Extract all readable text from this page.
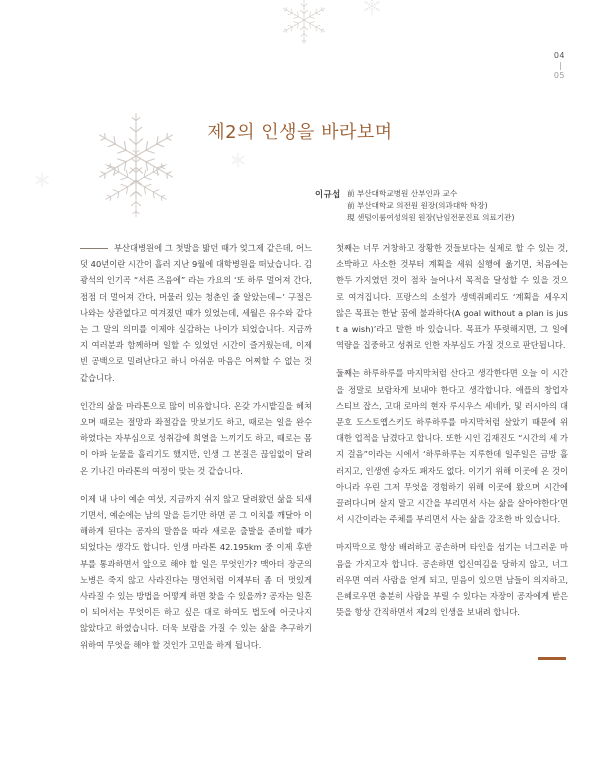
04
05
제2의 인생을 바라보며
이규섭 前 부산대학교병원 산부인과 교수
前 부산대학교 의전원 원장(의과대학 학장)
現 센텀이룸여성의원 원장(난임전문진료 의료기관)

부산대병원에 그 첫발을 밟던 때가 엊그제 같은데, 어느덧 40년이란 시간이 흘러 지난 9월에 대학병원을 떠났습니다. 김광석의 인기곡 “서른 즈음에” 라는 가요의 ‘또 하루 멀어져 간다, 점점 더 멀어져 간다, 머물러 있는 청춘인 줄 알았는데~’ 구절은 나와는 상관없다고 여겨졌던 때가 있었는데, 세월은 유수와 같다는 그 말의 의미를 이제야 실감하는 나이가 되었습니다. 지금까지 여러분과 함께하며 일할 수 있었던 시간이 즐거웠는데, 이제 빈 공백으로 밀려난다고 하니 아쉬운 마음은 어찌할 수 없는 것 같습니다.

인간의 삶을 마라톤으로 많이 비유합니다. 온갖 가시밭길을 헤쳐오며 때로는 절망과 좌절감을 맛보기도 하고, 때로는 일을 완수하였다는 자부심으로 성취감에 희열을 느끼기도 하고, 때로는 몸이 아파 눈물을 흘리기도 했지만, 인생 그 본질은 끊임없이 달려온 기나긴 마라톤의 여정이 맞는 것 같습니다.

이제 내 나이 예순 여섯, 지금까지 쉬지 않고 달려왔던 삶을 되새기면서, 예순에는 남의 말을 듣기만 하면 곧 그 이치를 깨달아 이해하게 된다는 공자의 말씀을 따라 새로운 출발을 준비할 때가 되었다는 생각도 합니다. 인생 마라톤 42.195km 중 이제 후반부를 통과하면서 앞으로 해야 할 일은 무엇인가? 맥아더 장군의 노병은 죽지 않고 사라진다는 명언처럼 이제부터 좀 더 멋있게 사라질 수 있는 방법을 어떻게 하면 찾을 수 있을까? 공자는 일흔이 되어서는 무엇이든 하고 싶은 대로 하여도 법도에 어긋나지 않았다고 하였습니다. 더욱 보람을 가질 수 있는 삶을 추구하기 위하여 무엇을 해야 할 것인가 고민을 하게 됩니다.

첫째는 너무 거창하고 장황한 것들보다는 실제로 할 수 있는 것, 소박하고 사소한 것부터 계획을 세워 실행에 옮기면, 처음에는 한두 가지였던 것이 점차 늘어나서 목적을 달성할 수 있을 것으로 여겨집니다. 프랑스의 소설가 생텍쥐페리도 ‘계획을 세우지 않은 목표는 한낱 꿈에 불과하다(A goal without a plan is just a wish)’라고 말한 바 있습니다. 목표가 뚜렷해지면, 그 일에 역량을 집중하고 성취로 인한 자부심도 가질 것으로 판단됩니다.

둘째는 하루하루를 마지막처럼 산다고 생각한다면 오늘 이 시간을 정말로 보람차게 보내야 한다고 생각합니다. 애플의 창업자 스티브 잡스, 고대 로마의 현자 루시우스 세네카, 및 러시아의 대문호 도스토옙스키도 하루하루를 마지막처럼 살았기 때문에 위대한 업적을 남겼다고 합니다. 또한 시인 김재진도 “시간의 세 가지 걸음”이라는 시에서 ‘하루하루는 지루한데 일주일은 금방 흘러지고, 인생엔 승자도 패자도 없다. 이기기 위해 이곳에 온 것이 아니라 우린 그저 무엇을 경험하기 위해 이곳에 왔으며 시간에 끌려다니며 살지 말고 시간을 부리면서 사는 삶을 살아야한다’면서 시간이라는 주체를 부리면서 사는 삶을 강조한 바 있습니다.

마지막으로 항상 배려하고 공손하며 타인을 섬기는 너그러운 마음을 가지고자 합니다. 공손하면 업신여김을 당하지 않고, 너그러우면 여러 사람을 얻게 되고, 믿음이 있으면 남들이 의지하고, 은혜로우면 충분히 사람을 부릴 수 있다는 자장이 공자에게 받은 뜻을 항상 간직하면서 제2의 인생을 보내려 합니다.
